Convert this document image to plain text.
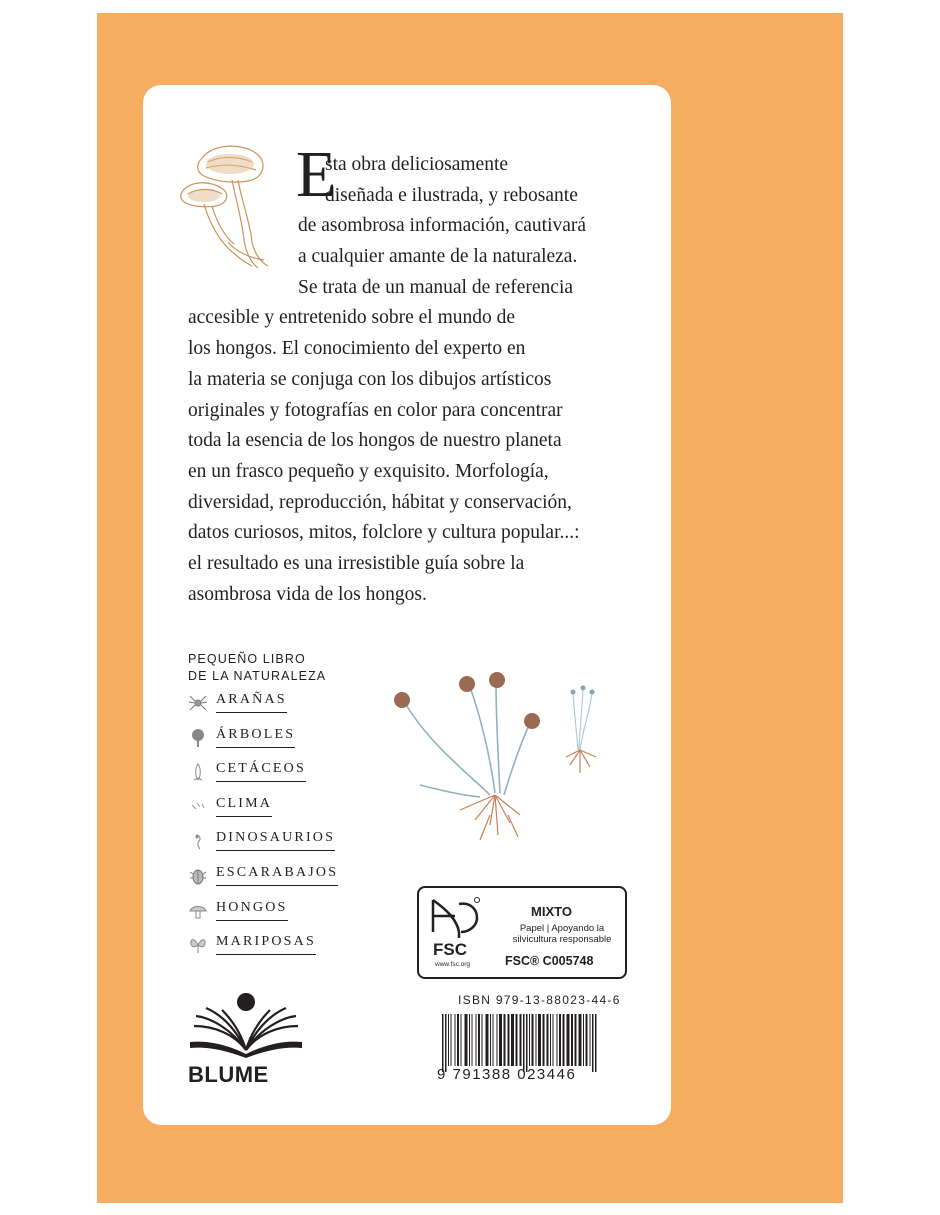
E
sta obra deliciosamente
diseñada e ilustrada, y rebosante
de asombrosa información, cautivará
a cualquier amante de la naturaleza.
Se trata de un manual de referencia
accesible y entretenido sobre el mundo de
los hongos. El conocimiento del experto en
la materia se conjuga con los dibujos artísticos
originales y fotografías en color para concentrar
toda la esencia de los hongos de nuestro planeta
en un frasco pequeño y exquisito. Morfología,
diversidad, reproducción, hábitat y conservación,
datos curiosos, mitos, folclore y cultura popular...:
el resultado es una irresistible guía sobre la
asombrosa vida de los hongos.
PEQUEÑO LIBRO
DE LA NATURALEZA
ARAÑAS
ÁRBOLES
CETÁCEOS
CLIMA
DINOSAURIOS
ESCARABAJOS
HONGOS
MARIPOSAS	FSC
www.fsc.org
MIXTO
Papel | Apoyando la
silvicultura responsable
FSC® C005748
ISBN 979-13-88023-44-6
9 791388 023446
BLUME
